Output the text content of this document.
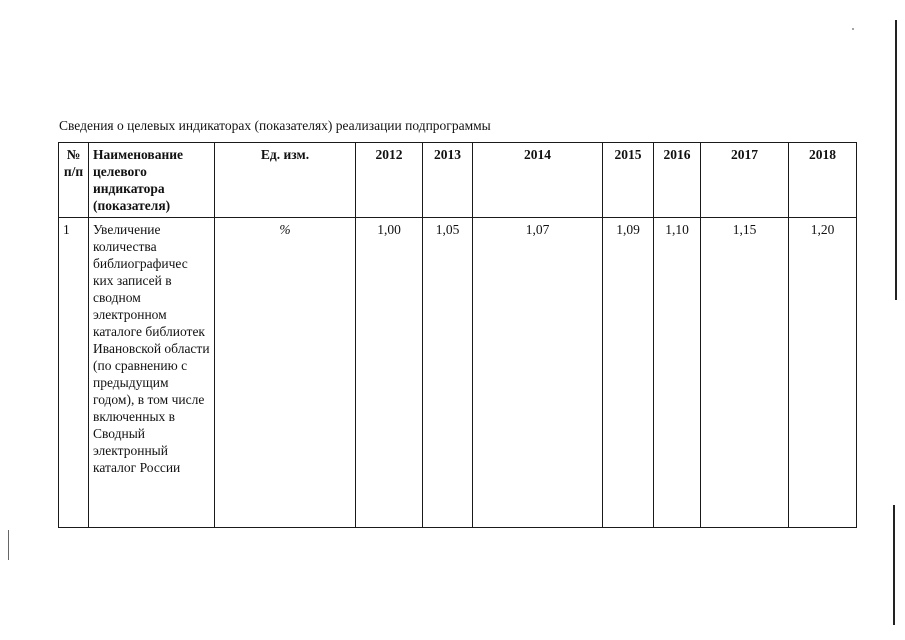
Сведения о целевых индикаторах (показателях) реализации подпрограммы
№ п/п	Наименование целевого индикатора (показателя)	Ед. изм.	2012	2013	2014	2015	2016	2017	2018
1	Увеличение количества библиографичес ких записей в сводном электронном каталоге библиотек Ивановской области (по сравнению с предыдущим годом), в том числе включенных в Сводный электронный каталог России	%	1,00	1,05	1,07	1,09	1,10	1,15	1,20
